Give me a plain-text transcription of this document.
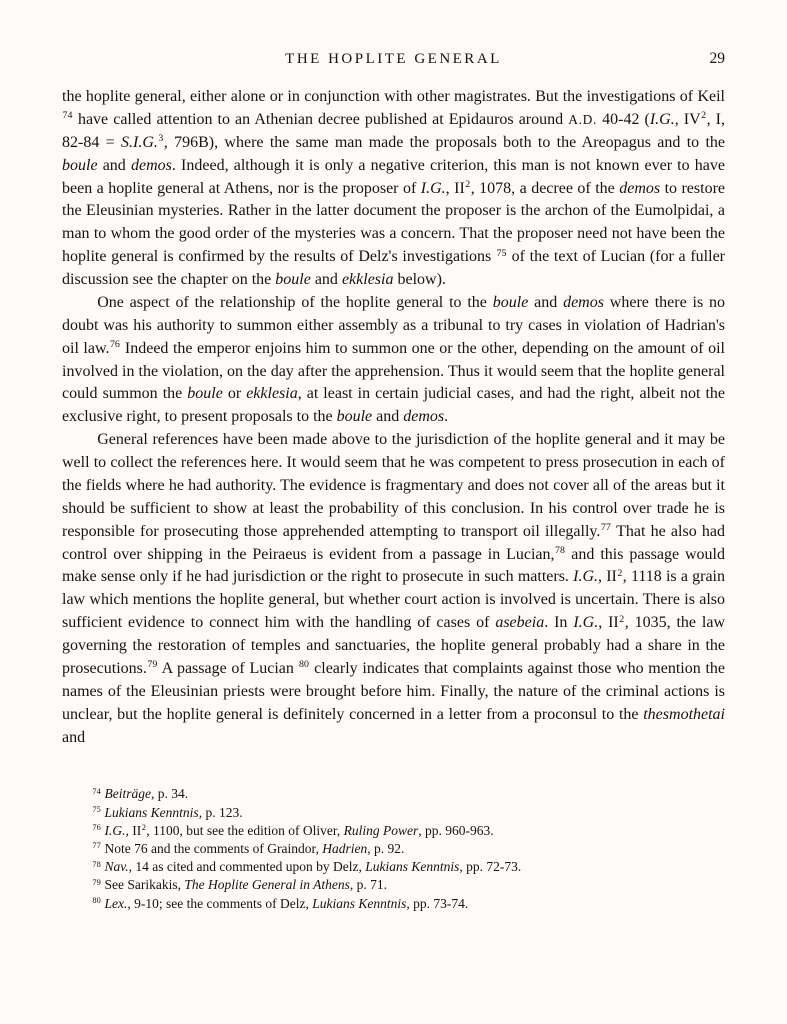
THE HOPLITE GENERAL	29

the hoplite general, either alone or in conjunction with other magistrates. But the investigations of Keil $^{74}$ have called attention to an Athenian decree published at Epidauros around A.D. 40-42 (I.G., $IV^2$, I, 82-84 = S.I.G.$^3$, 796B), where the same man made the proposals both to the Areopagus and to the boule and demos. Indeed, although it is only a negative criterion, this man is not known ever to have been a hoplite general at Athens, nor is the proposer of I.G., $II^2$, 1078, a decree of the demos to restore the Eleusinian mysteries. Rather in the latter document the proposer is the archon of the Eumolpidai, a man to whom the good order of the mysteries was a concern. That the proposer need not have been the hoplite general is confirmed by the results of Delz's investigations $^{75}$ of the text of Lucian (for a fuller discussion see the chapter on the boule and ekklesia below).

One aspect of the relationship of the hoplite general to the boule and demos where there is no doubt was his authority to summon either assembly as a tribunal to try cases in violation of Hadrian's oil law.$^{76}$ Indeed the emperor enjoins him to summon one or the other, depending on the amount of oil involved in the violation, on the day after the apprehension. Thus it would seem that the hoplite general could summon the boule or ekklesia, at least in certain judicial cases, and had the right, albeit not the exclusive right, to present proposals to the boule and demos.

General references have been made above to the jurisdiction of the hoplite general and it may be well to collect the references here. It would seem that he was competent to press prosecution in each of the fields where he had authority. The evidence is fragmentary and does not cover all of the areas but it should be sufficient to show at least the probability of this conclusion. In his control over trade he is responsible for prosecuting those apprehended attempting to transport oil illegally.$^{77}$ That he also had control over shipping in the Peiraeus is evident from a passage in Lucian,$^{78}$ and this passage would make sense only if he had jurisdiction or the right to prosecute in such matters. I.G., $II^2$, 1118 is a grain law which mentions the hoplite general, but whether court action is involved is uncertain. There is also sufficient evidence to connect him with the handling of cases of asebeia. In I.G., $II^2$, 1035, the law governing the restoration of temples and sanctuaries, the hoplite general probably had a share in the prosecutions.$^{79}$ A passage of Lucian $^{80}$ clearly indicates that complaints against those who mention the names of the Eleusinian priests were brought before him. Finally, the nature of the criminal actions is unclear, but the hoplite general is definitely concerned in a letter from a proconsul to the thesmothetai and

$^{74}$ Beiträge, p. 34.

$^{75}$ Lukians Kenntnis, p. 123.

$^{76}$ I.G., $II^2$, 1100, but see the edition of Oliver, Ruling Power, pp. 960-963.

$^{77}$ Note 76 and the comments of Graindor, Hadrien, p. 92.

$^{78}$ Nav., 14 as cited and commented upon by Delz, Lukians Kenntnis, pp. 72-73.

$^{79}$ See Sarikakis, The Hoplite General in Athens, p. 71.

$^{80}$ Lex., 9-10; see the comments of Delz, Lukians Kenntnis, pp. 73-74.
